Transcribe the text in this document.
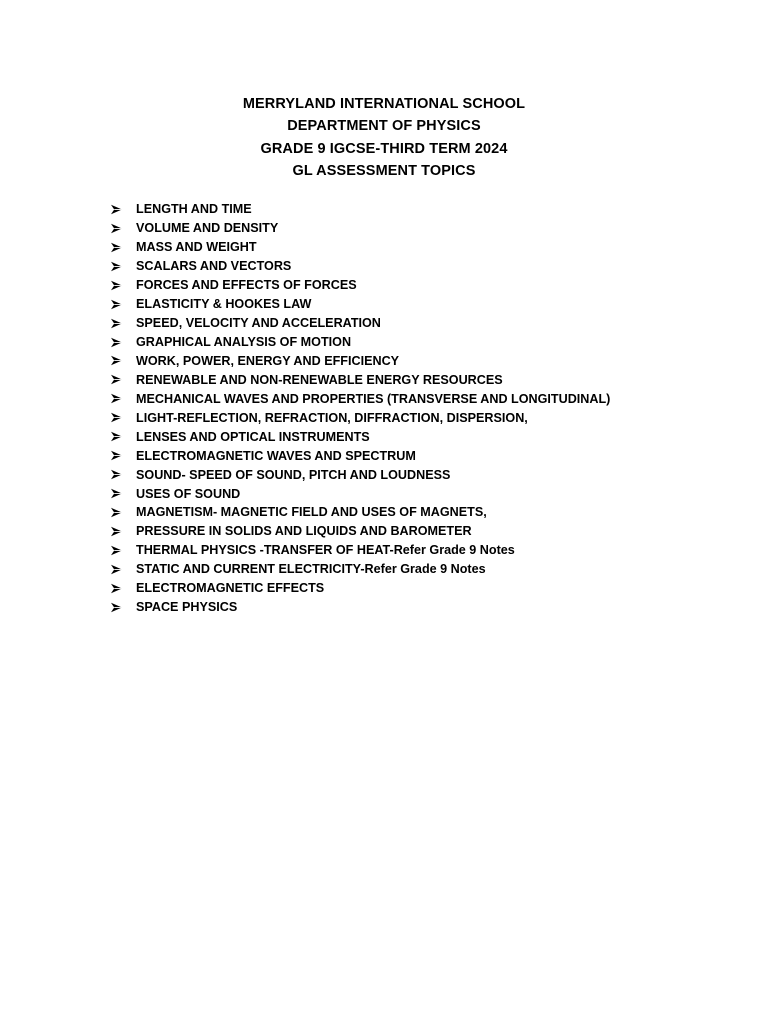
MERRYLAND INTERNATIONAL SCHOOL
DEPARTMENT OF PHYSICS
GRADE 9 IGCSE-THIRD TERM 2024
GL ASSESSMENT TOPICS
LENGTH AND TIME
VOLUME AND DENSITY
MASS AND WEIGHT
SCALARS AND VECTORS
FORCES AND EFFECTS OF FORCES
ELASTICITY & HOOKES LAW
SPEED, VELOCITY AND ACCELERATION
GRAPHICAL ANALYSIS OF MOTION
WORK, POWER, ENERGY AND EFFICIENCY
RENEWABLE AND NON-RENEWABLE ENERGY RESOURCES
MECHANICAL WAVES AND PROPERTIES (TRANSVERSE AND LONGITUDINAL)
LIGHT-REFLECTION, REFRACTION, DIFFRACTION, DISPERSION,
LENSES AND OPTICAL INSTRUMENTS
ELECTROMAGNETIC WAVES AND SPECTRUM
SOUND- SPEED OF SOUND, PITCH AND LOUDNESS
USES OF SOUND
MAGNETISM- MAGNETIC FIELD AND USES OF MAGNETS,
PRESSURE IN SOLIDS AND LIQUIDS AND BAROMETER
THERMAL PHYSICS -TRANSFER OF HEAT-Refer Grade 9 Notes
STATIC AND CURRENT ELECTRICITY-Refer Grade 9 Notes
ELECTROMAGNETIC EFFECTS
SPACE PHYSICS
